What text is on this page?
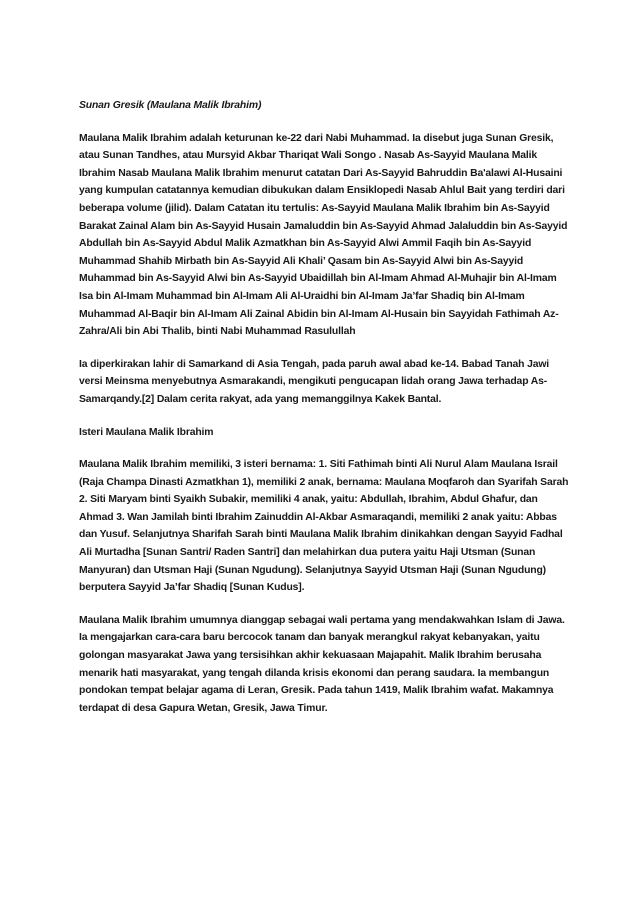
Sunan Gresik (Maulana Malik Ibrahim)

Maulana Malik Ibrahim adalah keturunan ke-22 dari Nabi Muhammad. Ia disebut juga Sunan Gresik, atau Sunan Tandhes, atau Mursyid Akbar Thariqat Wali Songo . Nasab As-Sayyid Maulana Malik Ibrahim Nasab Maulana Malik Ibrahim menurut catatan Dari As-Sayyid Bahruddin Ba'alawi Al-Husaini yang kumpulan catatannya kemudian dibukukan dalam Ensiklopedi Nasab Ahlul Bait yang terdiri dari beberapa volume (jilid). Dalam Catatan itu tertulis: As-Sayyid Maulana Malik Ibrahim bin As-Sayyid Barakat Zainal Alam bin As-Sayyid Husain Jamaluddin bin As-Sayyid Ahmad Jalaluddin bin As-Sayyid Abdullah bin As-Sayyid Abdul Malik Azmatkhan bin As-Sayyid Alwi Ammil Faqih bin As-Sayyid Muhammad Shahib Mirbath bin As-Sayyid Ali Khali’ Qasam bin As-Sayyid Alwi bin As-Sayyid Muhammad bin As-Sayyid Alwi bin As-Sayyid Ubaidillah bin Al-Imam Ahmad Al-Muhajir bin Al-Imam Isa bin Al-Imam Muhammad bin Al-Imam Ali Al-Uraidhi bin Al-Imam Ja’far Shadiq bin Al-Imam Muhammad Al-Baqir bin Al-Imam Ali Zainal Abidin bin Al-Imam Al-Husain bin Sayyidah Fathimah Az-Zahra/Ali bin Abi Thalib, binti Nabi Muhammad Rasulullah

Ia diperkirakan lahir di Samarkand di Asia Tengah, pada paruh awal abad ke-14. Babad Tanah Jawi versi Meinsma menyebutnya Asmarakandi, mengikuti pengucapan lidah orang Jawa terhadap As-Samarqandy.[2] Dalam cerita rakyat, ada yang memanggilnya Kakek Bantal.

Isteri Maulana Malik Ibrahim

Maulana Malik Ibrahim memiliki, 3 isteri bernama: 1. Siti Fathimah binti Ali Nurul Alam Maulana Israil (Raja Champa Dinasti Azmatkhan 1), memiliki 2 anak, bernama: Maulana Moqfaroh dan Syarifah Sarah 2. Siti Maryam binti Syaikh Subakir, memiliki 4 anak, yaitu: Abdullah, Ibrahim, Abdul Ghafur, dan Ahmad 3. Wan Jamilah binti Ibrahim Zainuddin Al-Akbar Asmaraqandi, memiliki 2 anak yaitu: Abbas dan Yusuf. Selanjutnya Sharifah Sarah binti Maulana Malik Ibrahim dinikahkan dengan Sayyid Fadhal Ali Murtadha [Sunan Santri/ Raden Santri] dan melahirkan dua putera yaitu Haji Utsman (Sunan Manyuran) dan Utsman Haji (Sunan Ngudung). Selanjutnya Sayyid Utsman Haji (Sunan Ngudung) berputera Sayyid Ja’far Shadiq [Sunan Kudus].

Maulana Malik Ibrahim umumnya dianggap sebagai wali pertama yang mendakwahkan Islam di Jawa. Ia mengajarkan cara-cara baru bercocok tanam dan banyak merangkul rakyat kebanyakan, yaitu golongan masyarakat Jawa yang tersisihkan akhir kekuasaan Majapahit. Malik Ibrahim berusaha menarik hati masyarakat, yang tengah dilanda krisis ekonomi dan perang saudara. Ia membangun pondokan tempat belajar agama di Leran, Gresik. Pada tahun 1419, Malik Ibrahim wafat. Makamnya terdapat di desa Gapura Wetan, Gresik, Jawa Timur.
